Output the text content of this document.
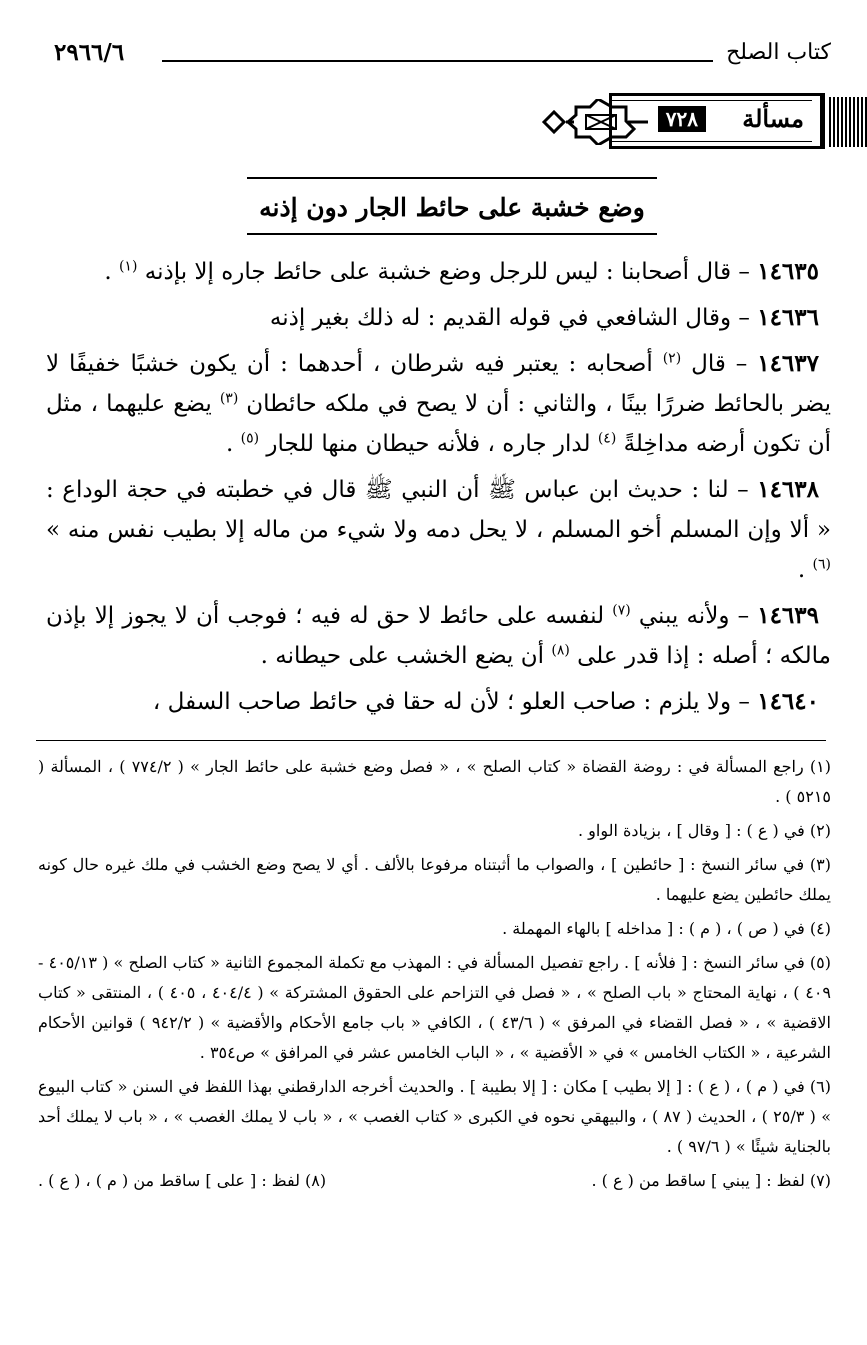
كتاب الصلح
٢٩٦٦/٦
مسألة
٧٢٨
وضع خشبة على حائط الجار دون إذنه

١٤٦٣٥ – قال أصحابنا : ليس للرجل وضع خشبة على حائط جاره إلا بإذنه $^{(١)}$ .

١٤٦٣٦ – وقال الشافعي في قوله القديم : له ذلك بغير إذنه

١٤٦٣٧ – قال $^{(٢)}$ أصحابه : يعتبر فيه شرطان ، أحدهما : أن يكون خشبًا خفيفًا لا يضر بالحائط ضررًا بينًا ، والثاني : أن لا يصح في ملكه حائطان $^{(٣)}$ يضع عليهما ، مثل أن تكون أرضه مداخِلةً $^{(٤)}$ لدار جاره ، فلأنه حيطان منها للجار $^{(٥)}$ .

١٤٦٣٨ – لنا : حديث ابن عباس ﷺ أن النبي ﷺ قال في خطبته في حجة الوداع : « ألا وإن المسلم أخو المسلم ، لا يحل دمه ولا شيء من ماله إلا بطيب نفس منه » $^{(٦)}$ .

١٤٦٣٩ – ولأنه يبني $^{(٧)}$ لنفسه على حائط لا حق له فيه ؛ فوجب أن لا يجوز إلا بإذن مالكه ؛ أصله : إذا قدر على $^{(٨)}$ أن يضع الخشب على حيطانه .

١٤٦٤٠ – ولا يلزم : صاحب العلو ؛ لأن له حقا في حائط صاحب السفل ،

(١) راجع المسألة في : روضة القضاة « كتاب الصلح » ، « فصل وضع خشبة على حائط الجار » ( ٧٧٤/٢ ) ، المسألة ( ٥٢١٥ ) .

(٢) في ( ع ) : [ وقال ] ، بزيادة الواو .

(٣) في سائر النسخ : [ حائطين ] ، والصواب ما أثبتناه مرفوعا بالألف . أي لا يصح وضع الخشب في ملك غيره حال كونه يملك حائطين يضع عليهما .

(٤) في ( ص ) ، ( م ) : [ مداخله ] بالهاء المهملة .

(٥) في سائر النسخ : [ فلأنه ] . راجع تفصيل المسألة في : المهذب مع تكملة المجموع الثانية « كتاب الصلح » ( ٤٠٥/١٣ - ٤٠٩ ) ، نهاية المحتاج « باب الصلح » ، « فصل في التزاحم على الحقوق المشتركة » ( ٤٠٤/٤ ، ٤٠٥ ) ، المنتقى « كتاب الاقضية » ، « فصل القضاء في المرفق » ( ٤٣/٦ ) ، الكافي « باب جامع الأحكام والأقضية » ( ٩٤٢/٢ ) قوانين الأحكام الشرعية ، « الكتاب الخامس » في « الأقضية » ، « الباب الخامس عشر في المرافق » ص٣٥٤ .

(٦) في ( م ) ، ( ع ) : [ إلا بطيب ] مكان : [ إلا بطيبة ] . والحديث أخرجه الدارقطني بهذا اللفظ في السنن « كتاب البيوع » ( ٢٥/٣ ) ، الحديث ( ٨٧ ) ، والبيهقي نحوه في الكبرى « كتاب الغصب » ، « باب لا يملك الغصب » ، « باب لا يملك أحد بالجناية شيئًا » ( ٩٧/٦ ) .

(٧) لفظ : [ يبني ] ساقط من ( ع ) .
(٨) لفظ : [ على ] ساقط من ( م ) ، ( ع ) .
